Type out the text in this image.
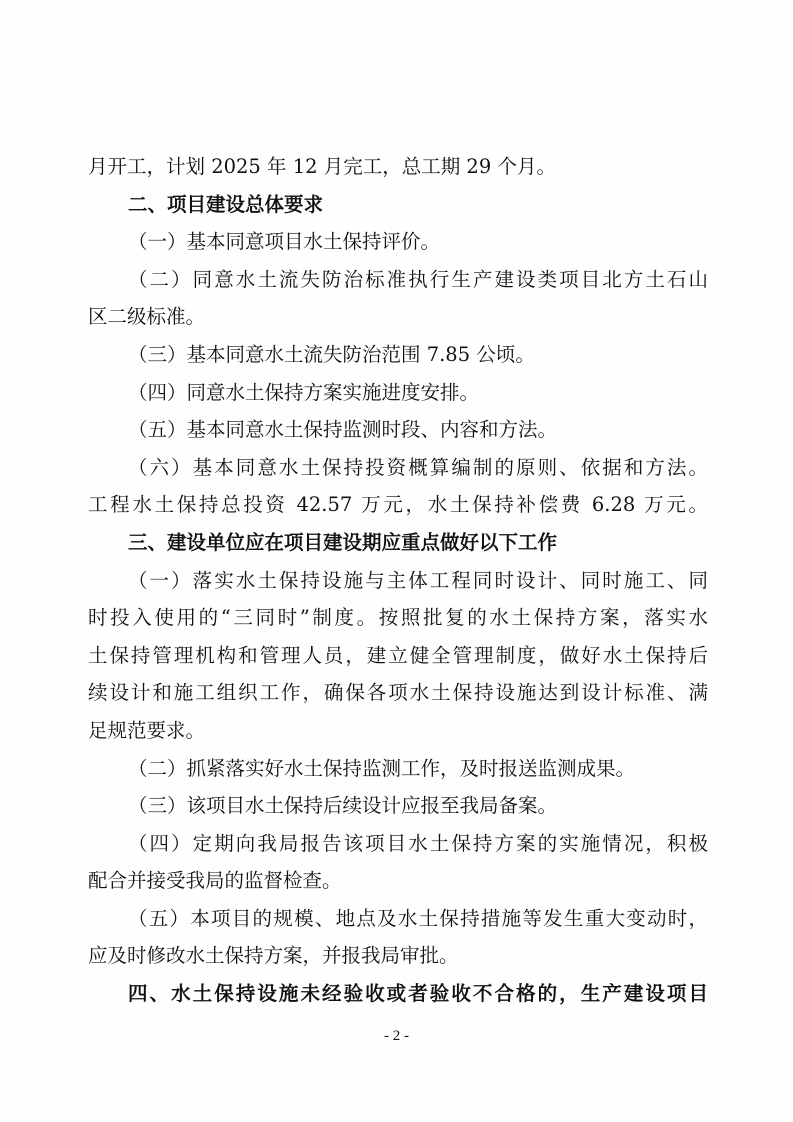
月开工，计划 2025 年 12 月完工，总工期 29 个月。
二、项目建设总体要求
（一）基本同意项目水土保持评价。
（二）同意水土流失防治标准执行生产建设类项目北方土石山
区二级标准。
（三）基本同意水土流失防治范围 7.85 公顷。
（四）同意水土保持方案实施进度安排。
（五）基本同意水土保持监测时段、内容和方法。
（六）基本同意水土保持投资概算编制的原则、依据和方法。
工程水土保持总投资 42.57 万元，水土保持补偿费 6.28 万元。
三、建设单位应在项目建设期应重点做好以下工作
（一）落实水土保持设施与主体工程同时设计、同时施工、同
时投入使用的“三同时”制度。按照批复的水土保持方案，落实水
土保持管理机构和管理人员，建立健全管理制度，做好水土保持后
续设计和施工组织工作，确保各项水土保持设施达到设计标准、满
足规范要求。
（二）抓紧落实好水土保持监测工作，及时报送监测成果。
（三）该项目水土保持后续设计应报至我局备案。
（四）定期向我局报告该项目水土保持方案的实施情况，积极
配合并接受我局的监督检查。
（五）本项目的规模、地点及水土保持措施等发生重大变动时，
应及时修改水土保持方案，并报我局审批。
四、水土保持设施未经验收或者验收不合格的，生产建设项目
- 2 -
